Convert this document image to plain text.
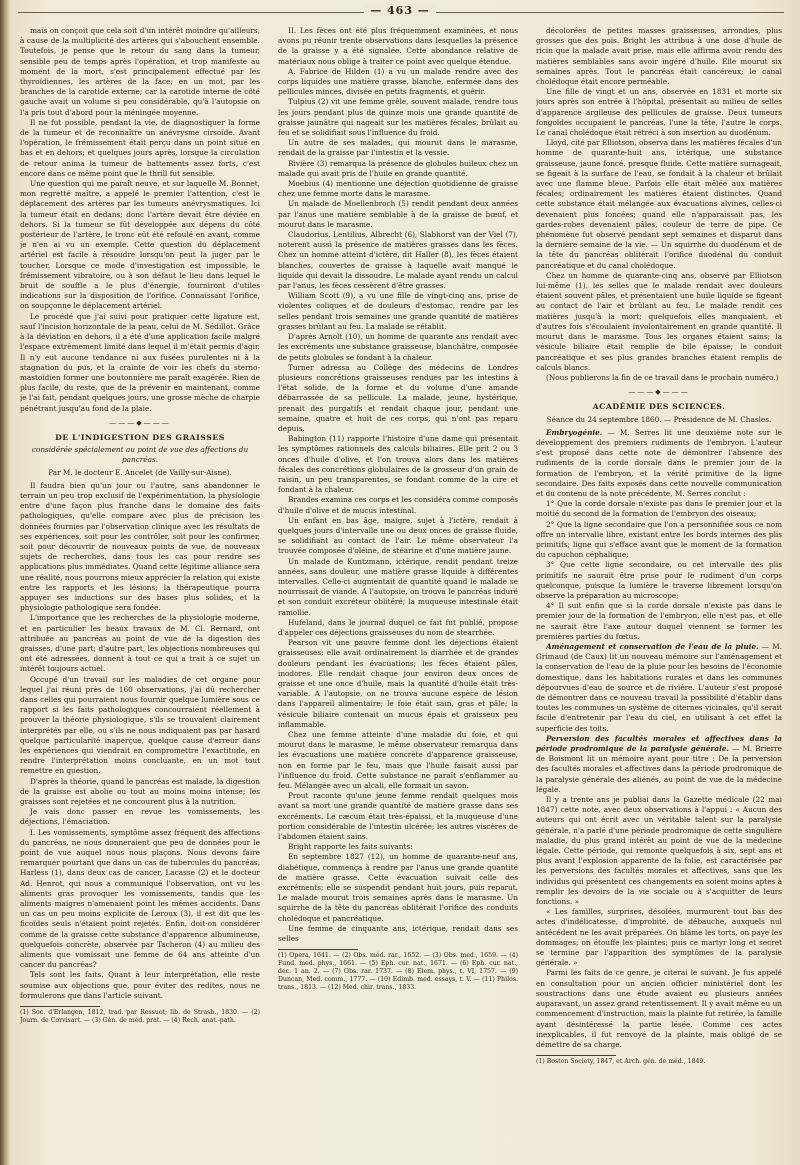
— 463 —

mais on conçoit que cela soit d'un intérêt moindre qu'ailleurs, à cause de la multiplicité des artères qui s'abouchent ensemble. Toutefois, je pense que le retour du sang dans la tumeur, sensible peu de temps après l'opération, et trop manifeste au moment de la mort, s'est principalement effectué par les thyroïdiennes, les artères de la face; en un mot, par les branches de la carotide externe; car la carotide interne de côté gauche avait un volume si peu considérable, qu'à l'autopsie on l'a pris tout d'abord pour la méningée moyenne.

Il ne fut possible, pendant la vie, de diagnostiquer la forme de la tumeur et de reconnaître un anévrysme cirsoïde. Avant l'opération, le frémissement était perçu dans un point situé en bas et en dehors; et quelques jours après, lorsque la circulation de retour anima la tumeur de battements assez forts, c'est encore dans ce même point que le thrill fut sensible.

Une question qui me paraît neuve, et sur laquelle M. Bonnet, mon regretté maître, a appelé le premier l'attention, c'est le déplacement des artères par les tumeurs anévrysmatiques. Ici la tumeur était en dedans; donc l'artère devait être déviée en dehors. Si la tumeur se fût développée aux dépens du côté postérieur de l'artère, le tronc eût été refoulé en avant, comme je n'en ai vu un exemple. Cette question du déplacement artériel est facile à résoudre lorsqu'on peut la juger par le toucher. Lorsque ce mode d'investigation est impossible, le frémissement vibratoire, ou à son défaut le lieu dans lequel le bruit de souffle a le plus d'énergie, fourniront d'utiles indications sur la disposition de l'orifice. Connaissant l'orifice, on soupçonne le déplacement artériel.

Le procédé que j'ai suivi pour pratiquer cette ligature est, sauf l'incision horizontale de la peau, celui de M. Sédillot. Grâce à la déviation en dehors, il a été d'une application facile malgré l'espace extrêmement limité dans lequel il m'était permis d'agir. Il n'y eut aucune tendance ni aux fusées purulentes ni à la stagnation du pus, et la crainte de voir les chefs du sterno-mastoïdien former une boutonnière me paraît exagérée. Rien de plus facile, du reste, que de la prévenir en maintenant, comme je l'ai fait, pendant quelques jours, une grosse mèche de charpie pénétrant jusqu'au fond de la plaie.

———◆———

DE L'INDIGESTION DES GRAISSES

considérée spécialement au point de vue des affections du pancréas.

Par M. le docteur E. Ancelet (de Vailly-sur-Aisne).

Il faudra bien qu'un jour ou l'autre, sans abandonner le terrain un peu trop exclusif de l'expérimentation, la physiologie entre d'une façon plus franche dans le domaine des faits pathologiques, qu'elle compare avec plus de précision les données fournies par l'observation clinique avec les résultats de ses expériences, soit pour les contrôler, soit pour les confirmer, soit pour découvrir de nouveaux points de vue, de nouveaux sujets de recherches, dans tous les cas pour rendre ses applications plus immédiates. Quand cette légitime alliance sera une réalité, nous pourrons mieux apprécier la relation qui existe entre les rapports et les lésions; la thérapeutique pourra appuyer ses inductions sur des bases plus solides, et la physiologie pathologique sera fondée.

L'importance que les recherches de la physiologie moderne, et en particulier les beaux travaux de M. Cl. Bernard, ont attribuée au pancréas au point de vue de la digestion des graisses, d'une part; d'autre part, les objections nombreuses qui ont été adressées, donnent à tout ce qui a trait à ce sujet un intérêt toujours actuel.

Occupé d'un travail sur les maladies de cet organe pour lequel j'ai réuni près de 160 observations, j'ai dû rechercher dans celles qui pourraient nous fournir quelque lumière sous ce rapport si les faits pathologiques concourraient réellement à prouver la théorie physiologique, s'ils se trouvaient clairement interprétés par elle, ou s'ils ne nous indiquaient pas par hasard quelque particularité inaperçue, quelque cause d'erreur dans les expériences qui viendrait en compromettre l'exactitude, en rendre l'interprétation moins concluante, en un mot tout remettre en question.

D'après la théorie, quand le pancréas est malade, la digestion de la graisse est abolie ou tout au moins moins intense; les graisses sont rejetées et ne concourent plus à la nutrition.

Je vais donc passer en revue les vomissements, les déjections, l'émaciation.

I. Les vomissements, symptôme assez fréquent des affections du pancréas, ne nous donneraient que peu de données pour le point de vue auquel nous nous plaçons. Nous devons faire remarquer pourtant que dans un cas de tubercules du pancréas, Harless (1), dans deux cas de cancer, Lacasse (2) et le docteur Ad. Henrot, qui nous a communiqué l'observation, ont vu les aliments gras provoquer les vomissements, tandis que les aliments maigres n'amenaient point les mêmes accidents. Dans un cas un peu moins explicite de Leroux (3), il est dit que les ficoïdes seuls n'étaient point rejetés. Enfin, doit-on considérer comme de la graisse cette substance d'apparence albumineuse, quelquefois concrète, observée par Tacheron (4) au milieu des aliments que vomissait une femme de 64 ans atteinte d'un cancer du pancréas?

Tels sont les faits. Quant à leur interprétation, elle reste soumise aux objections que, pour éviter des redites, nous ne formulerons que dans l'article suivant.

(1) Soc. d'Erlangen, 1812, trad. par Ressuot; lib. de Strasb., 1830. — (2) Journ. de Corvisart. — (3) Gén. de méd. prat. — (4) Rech. anat.-path.

II. Les fèces ont été plus fréquemment examinées, et nous avons pu réunir trente observations dans lesquelles la présence de la graisse y a été signalée. Cette abondance relative de matériaux nous oblige à traiter ce point avec quelque étendue.

A. Fabrice de Hilden (1) a vu un malade rendre avec des corps liquides une matière grasse, blanche, enfermée dans des pellicules minces, divisée en petits fragments, et guérir.

Tulpius (2) vit une femme grêle, souvent malade, rendre tous les jours pendant plus de quinze mois une grande quantité de graisse jaunâtre qui nageait sur les matières fécales, brûlait au feu et se solidifiait sous l'influence du froid.

Un autre de ses malades, qui mourut dans le marasme, rendait de la graisse par l'intestin et la vessie.

Rivière (3) remarqua la présence de globules huileux chez un malade qui avait pris de l'huile en grande quantité.

Moebius (4) mentionne une déjection quotidienne de graisse chez une femme morte dans le marasme.

Un malade de Moellenbroch (5) rendit pendant deux années par l'anus une matière semblable à de la graisse de bœuf, et mourut dans le marasme.

Claudorius, Lentilius, Albrecht (6), Slabhorst van der Viel (7), noterent aussi la présence de matières grasses dans les fèces. Chez un homme atteint d'ictère, dit Haller (8), les fèces étaient blanches, couvertes de graisse à laquelle avait manqué le liquide qui devait la dissoudre. Le malade ayant rendu un calcul par l'anus, les fèces cessèrent d'être grasses.

William Scott (9), a vu une fille de vingt-cinq ans, prise de violentes coliques et de douleurs d'estomac, rendre par les selles pendant trois semaines une grande quantité de matières grasses brûlant au feu. La malade se rétablit.

D'après Arnolt (10), un homme de quarante ans rendait avec les excréments une substance graisseuse, blanchâtre, composée de petits globules se fondant à la chaleur.

Turner adressa au Collège des médecins de Londres plusieurs concrétions graisseuses rendues par les intestins à l'état solide, de la forme et du volume d'une amande débarrassée de sa pellicule. La malade, jeune, hystérique, prenait des purgatifs et rendait chaque jour, pendant une semaine, quatre et huit de ces corps, qui n'ont pas reparu depuis.

Babington (11) rapporte l'histoire d'une dame qui présentait les symptômes rationnels des calculs biliaires. Elle prit 2 ou 3 onces d'huile d'olive, et l'on trouva alors dans les matières fécales des concrétions globulaires de la grosseur d'un grain de raisin, un peu transparentes, se fondant comme de la cire et fondant à la chaleur.

Brandes examina ces corps et les considéra comme composés d'huile d'olive et de mucus intestinal.

Un enfant en bas âge, maigre, sujet à l'ictère, rendait à quelques jours d'intervalle une ou deux onces de graisse fluide, se solidifiant au contact de l'air. Le même observateur l'a trouvée composée d'oléine, de stéarine et d'une matière jaune.

Un malade de Kuntzmann, ictérique, rendit pendant treize années, sans douleur, une matière grasse liquide à différentes intervalles. Celle-ci augmentait de quantité quand le malade se nourrissait de viande. A l'autopsie, on trouva le pancréas induré et son conduit excréteur oblitéré; la muqueuse intestinale était ramollie.

Hufeland, dans le journal duquel ce fait fut publié, propose d'appeler ces déjections graisseuses du nom de stearrhée.

Pearson vit une pauvre femme dont les déjections étaient graisseuses; elle avait ordinairement la diarrhée et de grandes douleurs pendant les évacuations; les fèces étaient pâles, inodores. Elle rendait chaque jour environ deux onces de graisse et une once d'huile, mais la quantité d'huile était très-variable. A l'autopsie, on ne trouva aucune espèce de lésion dans l'appareil alimentaire; le foie était sain, gras et pâle; la vésicule biliaire contenait un mucus épais et graisseux peu inflammable.

Chez une femme atteinte d'une maladie du foie, et qui mourut dans le marasme, le même observateur remarqua dans les évacuations une matière concrète d'apparence graisseuse, non en forme par le feu, mais que l'huile faisait aussi par l'influence du froid. Cette substance ne paraît s'enflammer au feu. Mélangée avec un alcali, elle formait un savon.

Prout raconte qu'une jeune femme rendait quelques mois avant sa mort une grande quantité de matière grasse dans ses excréments. Le cæcum était très-épaissi, et la muqueuse d'une portion considérable de l'intestin ulcérée; les autres viscères de l'abdomen étaient sains.

Bright rapporte les faits suivants:

En septembre 1827 (12), un homme de quarante-neuf ans, diabétique, commença à rendre par l'anus une grande quantité de matière grasse. Cette évacuation suivait celle des excréments; elle se suspendit pendant huit jours, puis reparut. Le malade mourut trois semaines après dans le marasme. Un squirrhe de la tête du pancréas oblitérait l'orifice des conduits cholédoque et pancréatique.

Une femme de cinquante ans, ictérique, rendait dans ses selles

(1) Opera, 1641. — (2) Obs. méd. rar., 1652. — (3) Obs. med., 1659. — (4) Fund. med. phys., 1661. — (5) Eph. cur. nat., 1671. — (6) Eph. cur. nat., dec. 1 an. 2. — (7) Obs. rar. 1737. — (8) Elem. phys., t. VI, 1757. — (9) Duncan, Med. comm., 1777. — (10) Edimb. med. essays, t. V. — (11) Philos. trans., 1813. — (12) Med. chir. trans., 1833.

décolorées de petites masses graisseuses, arrondies, plus grosses que des pois. Bright les attribua à une dose d'huile de ricin que la malade avait prise, mais elle affirma avoir rendu des matières semblables sans avoir ingéré d'huile. Elle mourut six semaines après. Tout le pancréas était cancéreux; le canal cholédoque était encore perméable.

Une fille de vingt et un ans, observée en 1831 et morte six jours après son entrée à l'hôpital, présentait au milieu de selles d'apparence argileuse des pellicules de graisse. Deux tumeurs fongoïdes occupaient le pancréas, l'une la tête, l'autre le corps. Le canal cholédoque était rétréci à son insertion au duodénum.

Lloyd, cité par Elliotson, observa dans les matières fécales d'un homme de quarante-huit ans, ictérique, une substance graisseuse, jaune foncé, presque fluide. Cette matière surnageait, se figeait à la surface de l'eau, se fondait à la chaleur et brûlait avec une flamme bleue. Parfois elle était mêlée aux matières fécales; ordinairement les matières étaient distinctes. Quand cette substance était mélangée aux évacuations alvines, celles-ci devenaient plus foncées; quand elle n'apparaissait pas, les gardes-robes devenaient pâles, couleur de terre de pipe. Ce phénomène fut observé pendant sept semaines et disparut dans la dernière semaine de la vie. — Un squirrhe du duodénum et de la tête du pancréas oblitérait l'orifice duodénal du conduit pancréatique et du canal cholédoque.

Chez un homme de quarante-cinq ans, observé par Elliotson lui-même (1), les selles que le malade rendait avec douleurs étaient souvent pâles, et présentaient une huile liquide se figeant au contact de l'air et brûlant au feu. Le malade rendit ces matières jusqu'à la mort; quelquefois elles manquaient, et d'autres fois s'écoulaient involontairement en grande quantité. Il mourut dans le marasme. Tous les organes étaient sains; la vésicule biliaire était remplie de bile épaisse; le conduit pancréatique et ses plus grandes branches étaient remplis de calculs blancs.

(Nous publierons la fin de ce travail dans le prochain numéro.)

———◆———

ACADÉMIE DES SCIENCES.

Séance du 24 septembre 1860. — Présidence de M. Chasles.

Embryogénie. — M. Serres lit une deuxième note sur le développement des premiers rudiments de l'embryon. L'auteur s'est proposé dans cette note de démontrer l'absence des rudiments de la corde dorsale dans le premier jour de la formation de l'embryon, et la vérité primitive de la ligne secondaire. Des faits exposés dans cette nouvelle communication et du contenu de la note précédente, M. Serres conclut :

1° Que la corde dorsale n'existe pas dans le premier jour et la moitié du second de la formation de l'embryon des oiseaux;

2° Que la ligne secondaire que l'on a personnifiée sous ce nom offre un intervalle libre, existant entre les bords internes des plis primitifs; ligne qui s'efface avant que le moment de la formation du capuchon céphalique;

3° Que cette ligne secondaire, ou cet intervalle des plis primitifs ne saurait être prise pour le rudiment d'un corps quelconque, puisque la lumière le traverse librement lorsqu'on observe la préparation au microscope;

4° Il suit enfin que si la corde dorsale n'existe pas dans le premier jour de la formation de l'embryon, elle n'est pas, et elle ne saurait être l'axe autour duquel viennent se former les premières parties du fœtus.

Aménagement et conservation de l'eau de la pluie. — M. Grimaud (de Caux) lit un nouveau mémoire sur l'aménagement et la conservation de l'eau de la pluie pour les besoins de l'économie domestique, dans les habitations rurales et dans les communes dépourvues d'eau de source et de rivière. L'auteur s'est proposé de démontrer dans ce nouveau travail la possibilité d'établir dans toutes les communes un système de citernes vicinales, qu'il serait facile d'entretenir par l'eau du ciel, en utilisant à cet effet la superficie des toits.

Perversion des facultés morales et affectives dans la période prodromique de la paralysie générale. — M. Brierre de Boismont lit un mémoire ayant pour titre : De la perversion des facultés morales et affectives dans la période prodromique de la paralysie générale des aliénés, au point de vue de la médecine légale.

Il y a trente ans je publiai dans la Gazette médicale (22 mai 1847) cette note, avec deux observations à l'appui : « Aucun des auteurs qui ont écrit avec un véritable talent sur la paralysie générale, n'a parlé d'une période prodromique de cette singulière maladie, du plus grand intérêt au point de vue de la médecine légale. Cette période, qui remonte quelquefois à six, sept ans et plus avant l'explosion apparente de la folie, est caractérisée par les perversions des facultés morales et affectives, sans que les individus qui présentent ces changements en soient moins aptes à remplir les devoirs de la vie sociale ou à s'acquitter de leurs fonctions. »

« Les familles, surprises, désolées, murmurent tout bas des actes d'indélicatesse, d'improbité, de débauche, auxquels nul antécédent ne les avait préparées. On blâme les torts, on paye les dommages; on étouffe les plaintes; puis ce martyr long et secret se termine par l'apparition des symptômes de la paralysie générale. »

Parmi les faits de ce genre, je citerai le suivant. Je fus appelé en consultation pour un ancien officier ministériel dont les soustractions dans une étude avaient eu plusieurs années auparavant, un assez grand retentissement. Il y avait même eu un commencement d'instruction, mais la plainte fut retirée, la famille ayant désintéressé la partie lésée. Comme ces actes inexplicables, il fut renvoyé de la plainte, mais obligé de se démettre de sa charge.

(1) Boston Society, 1847, et Arch. gén. de méd., 1849.
